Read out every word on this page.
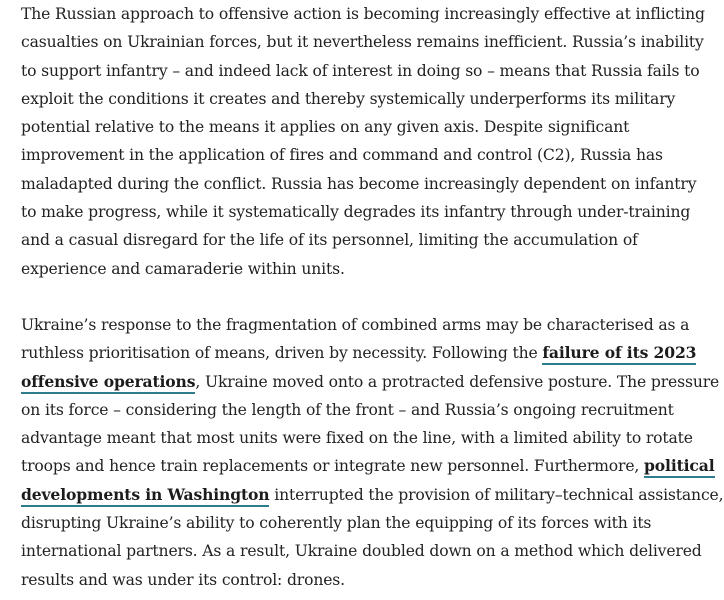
The Russian approach to offensive action is becoming increasingly effective at inflicting
casualties on Ukrainian forces, but it nevertheless remains inefficient. Russia’s inability
to support infantry – and indeed lack of interest in doing so – means that Russia fails to
exploit the conditions it creates and thereby systemically underperforms its military
potential relative to the means it applies on any given axis. Despite significant
improvement in the application of fires and command and control (C2), Russia has
maladapted during the conflict. Russia has become increasingly dependent on infantry
to make progress, while it systematically degrades its infantry through under-training
and a casual disregard for the life of its personnel, limiting the accumulation of
experience and camaraderie within units.
Ukraine’s response to the fragmentation of combined arms may be characterised as a
ruthless prioritisation of means, driven by necessity. Following the failure of its 2023
offensive operations, Ukraine moved onto a protracted defensive posture. The pressure
on its force – considering the length of the front – and Russia’s ongoing recruitment
advantage meant that most units were fixed on the line, with a limited ability to rotate
troops and hence train replacements or integrate new personnel. Furthermore, political
developments in Washington interrupted the provision of military–technical assistance,
disrupting Ukraine’s ability to coherently plan the equipping of its forces with its
international partners. As a result, Ukraine doubled down on a method which delivered
results and was under its control: drones.
